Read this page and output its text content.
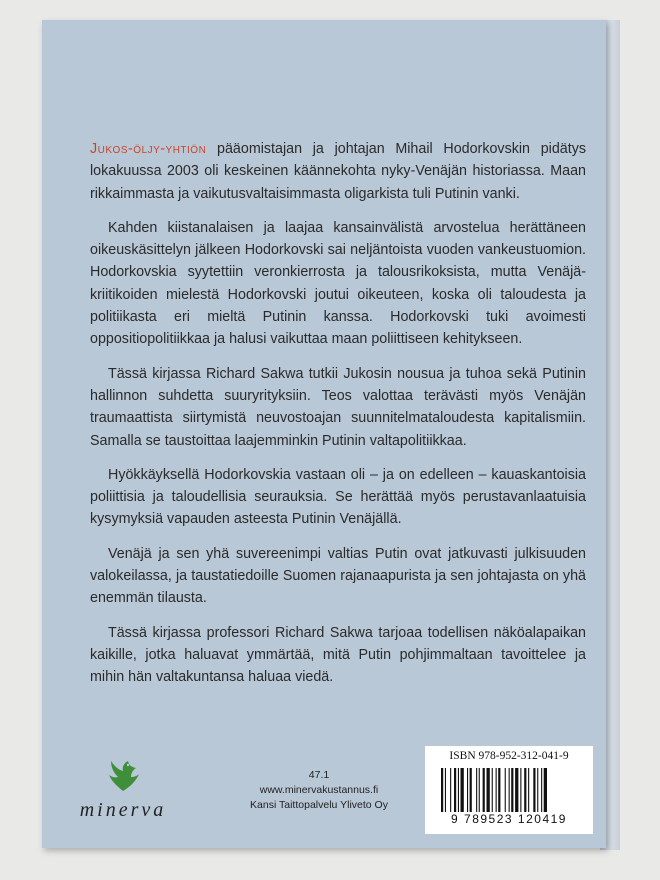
Jukos-öljy-yhtiön pääomistajan ja johtajan Mihail Hodorkovskin pidätys lokakuussa 2003 oli keskeinen käännekohta nyky-Venäjän historiassa. Maan rikkaimmasta ja vaikutusvaltaisimmasta oligarkista tuli Putinin vanki.

Kahden kiistanalaisen ja laajaa kansainvälistä arvostelua herättäneen oikeuskäsittelyn jälkeen Hodorkovski sai neljäntoista vuoden vankeustuomion. Hodorkovskia syytettiin veronkierrosta ja talousrikoksista, mutta Venäjä-kriitikoiden mielestä Hodorkovski joutui oikeuteen, koska oli taloudesta ja politiikasta eri mieltä Putinin kanssa. Hodorkovski tuki avoimesti oppositiopolitiikkaa ja halusi vaikuttaa maan poliittiseen kehitykseen.

Tässä kirjassa Richard Sakwa tutkii Jukosin nousua ja tuhoa sekä Putinin hallinnon suhdetta suuryrityksiin. Teos valottaa terävästi myös Venäjän traumaattista siirtymistä neuvostoajan suunnitelmataloudesta kapitalismiin. Samalla se taustoittaa laajemminkin Putinin valtapolitiikkaa.

Hyökkäyksellä Hodorkovskia vastaan oli – ja on edelleen – kauaskantoisia poliittisia ja taloudellisia seurauksia. Se herättää myös perustavanlaatuisia kysymyksiä vapauden asteesta Putinin Venäjällä.

Venäjä ja sen yhä suvereenimpi valtias Putin ovat jatkuvasti julkisuuden valokeilassa, ja taustatiedoille Suomen rajanaapurista ja sen johtajasta on yhä enemmän tilausta.

Tässä kirjassa professori Richard Sakwa tarjoaa todellisen näköalapaikan kaikille, jotka haluavat ymmärtää, mitä Putin pohjimmaltaan tavoittelee ja mihin hän valtakuntansa haluaa viedä.

minerva
47.1
www.minervakustannus.fi
Kansi Taittopalvelu Yliveto Oy
ISBN 978-952-312-041-9
9 789523 120419
